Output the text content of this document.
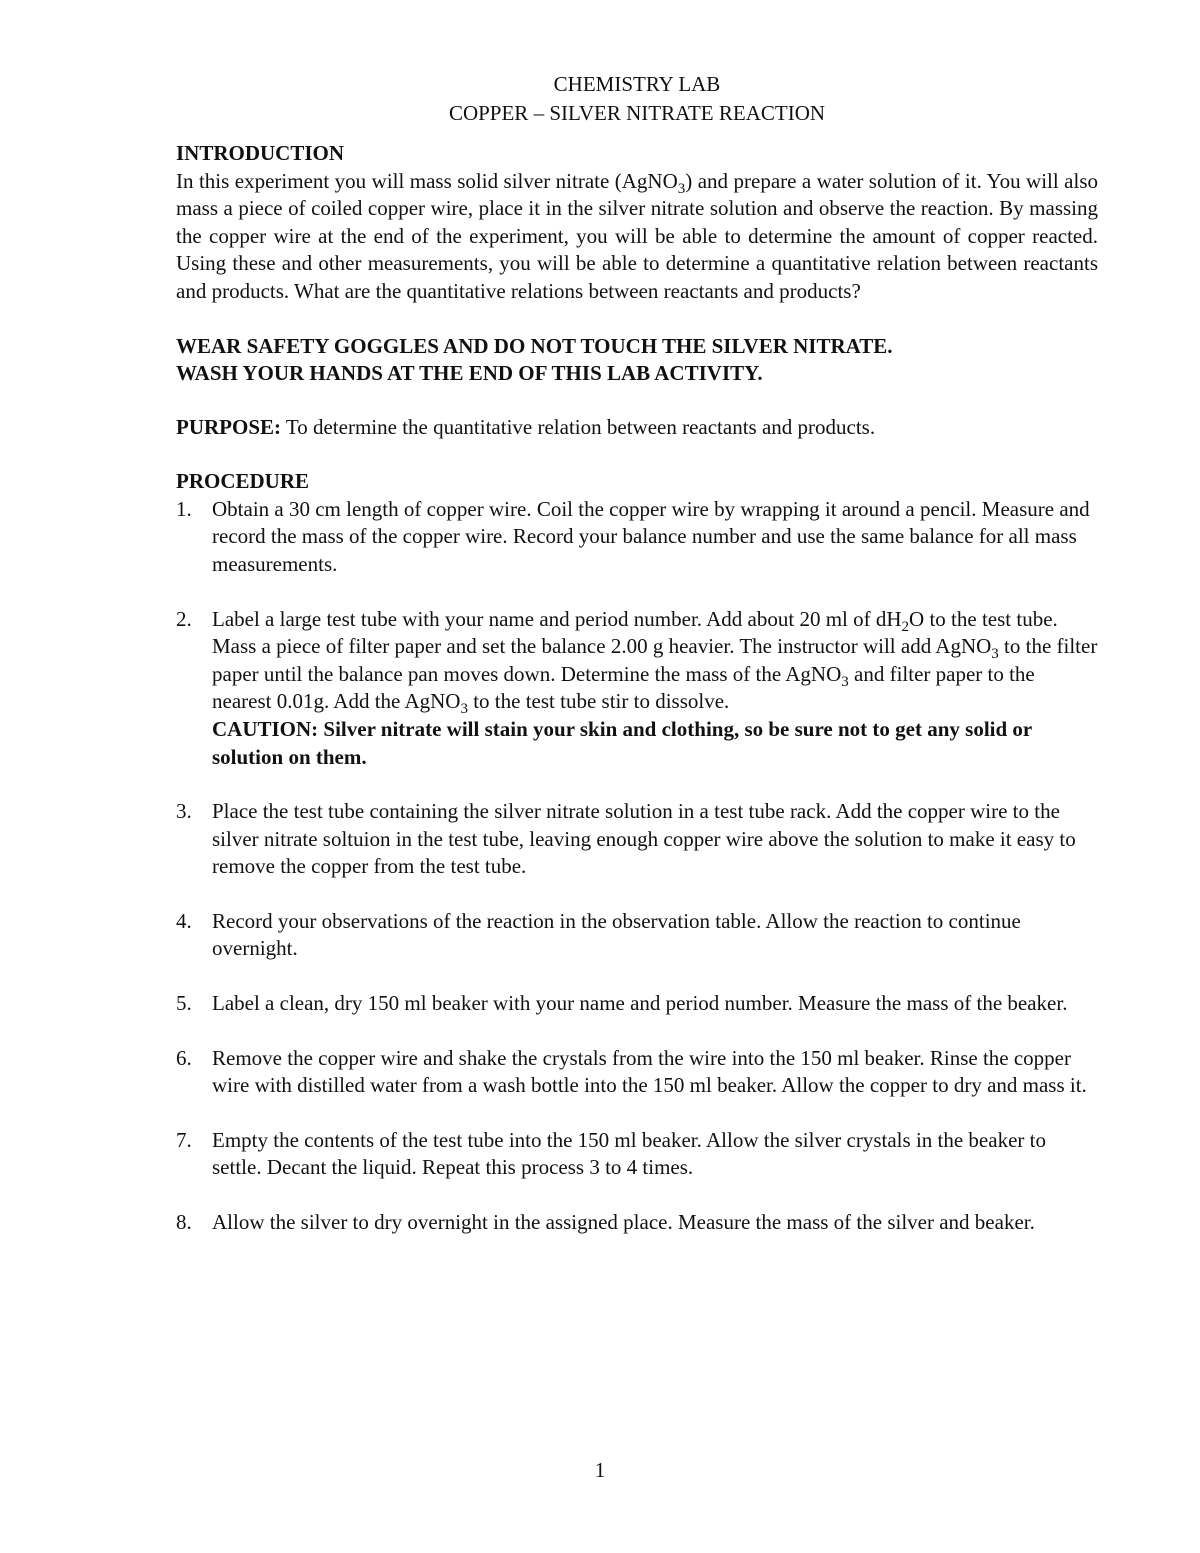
CHEMISTRY LAB

COPPER – SILVER NITRATE REACTION

INTRODUCTION

In this experiment you will mass solid silver nitrate (AgNO$_3$) and prepare a water solution of it. You will also mass a piece of coiled copper wire, place it in the silver nitrate solution and observe the reaction. By massing the copper wire at the end of the experiment, you will be able to determine the amount of copper reacted. Using these and other measurements, you will be able to determine a quantitative relation between reactants and products. What are the quantitative relations between reactants and products?

WEAR SAFETY GOGGLES AND DO NOT TOUCH THE SILVER NITRATE.

WASH YOUR HANDS AT THE END OF THIS LAB ACTIVITY.

PURPOSE: To determine the quantitative relation between reactants and products.

PROCEDURE

1. Obtain a 30 cm length of copper wire. Coil the copper wire by wrapping it around a pencil. Measure and record the mass of the copper wire. Record your balance number and use the same balance for all mass measurements.
2. Label a large test tube with your name and period number. Add about 20 ml of $dH_2O$ to the test tube. Mass a piece of filter paper and set the balance 2.00 g heavier. The instructor will add AgNO$_3$ to the filter paper until the balance pan moves down. Determine the mass of the AgNO$_3$ and filter paper to the nearest 0.01g. Add the AgNO$_3$ to the test tube stir to dissolve.
CAUTION: Silver nitrate will stain your skin and clothing, so be sure not to get any solid or solution on them.
3. Place the test tube containing the silver nitrate solution in a test tube rack. Add the copper wire to the silver nitrate soltuion in the test tube, leaving enough copper wire above the solution to make it easy to remove the copper from the test tube.
4. Record your observations of the reaction in the observation table. Allow the reaction to continue overnight.
5. Label a clean, dry 150 ml beaker with your name and period number. Measure the mass of the beaker.
6. Remove the copper wire and shake the crystals from the wire into the 150 ml beaker. Rinse the copper wire with distilled water from a wash bottle into the 150 ml beaker. Allow the copper to dry and mass it.
7. Empty the contents of the test tube into the 150 ml beaker. Allow the silver crystals in the beaker to settle. Decant the liquid. Repeat this process 3 to 4 times.
8. Allow the silver to dry overnight in the assigned place. Measure the mass of the silver and beaker.
1
